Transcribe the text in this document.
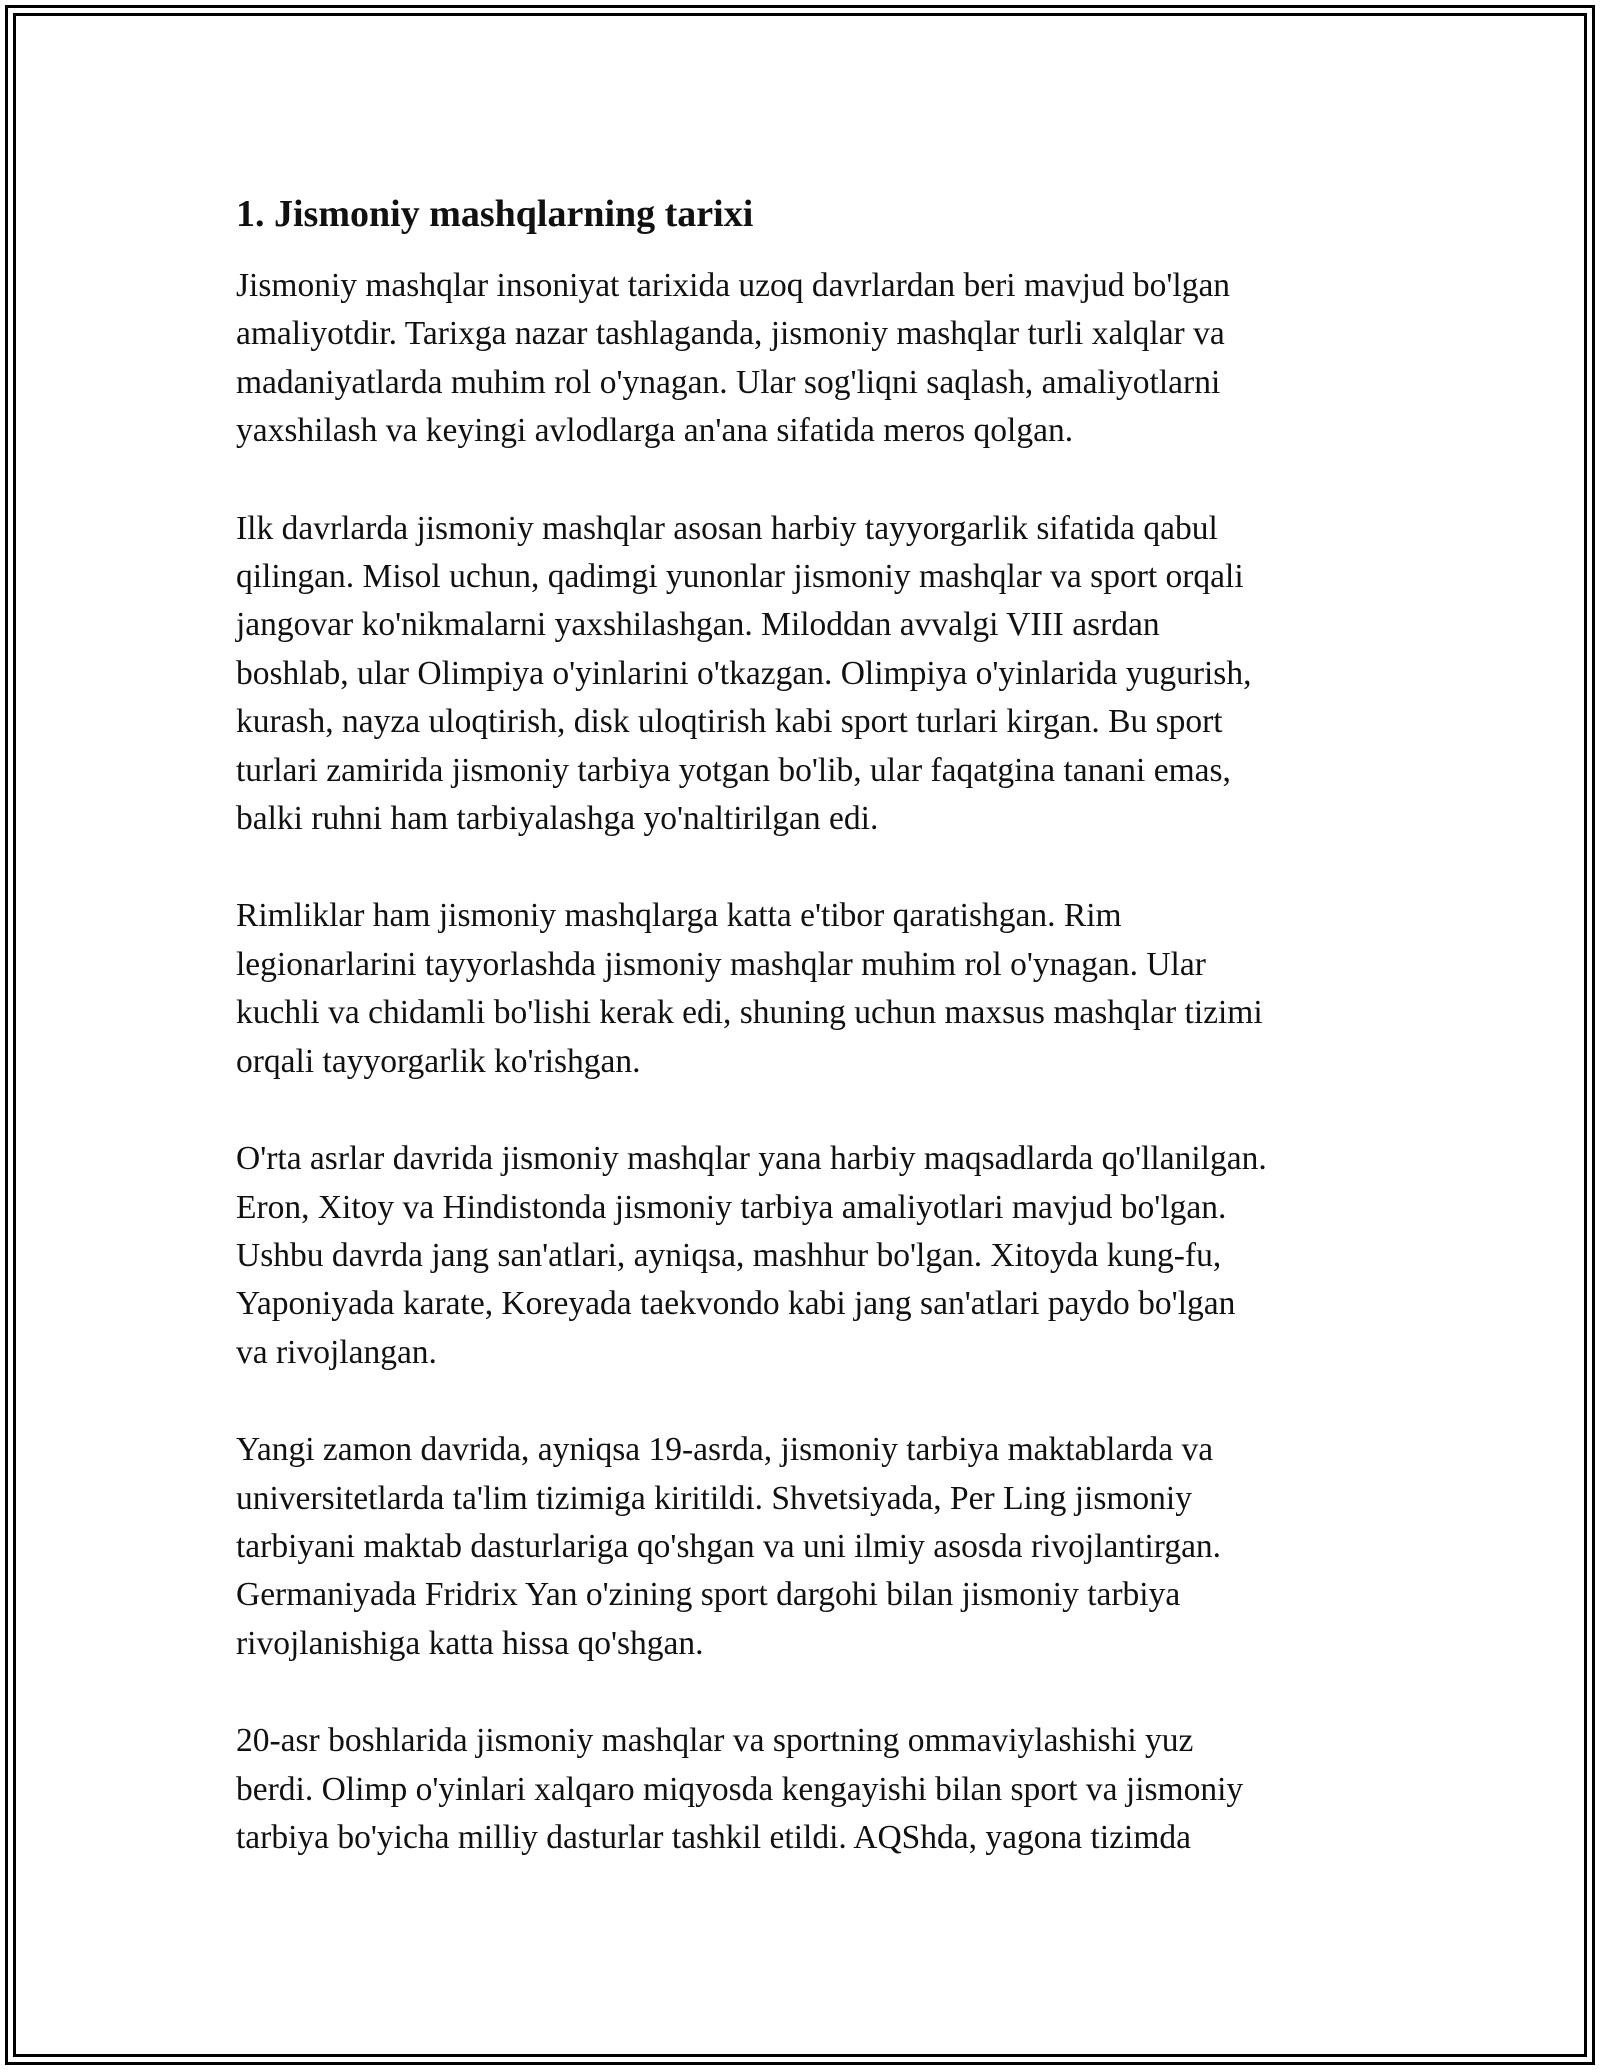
1. Jismoniy mashqlarning tarixi

Jismoniy mashqlar insoniyat tarixida uzoq davrlardan beri mavjud bo'lgan
amaliyotdir. Tarixga nazar tashlaganda, jismoniy mashqlar turli xalqlar va
madaniyatlarda muhim rol o'ynagan. Ular sog'liqni saqlash, amaliyotlarni
yaxshilash va keyingi avlodlarga an'ana sifatida meros qolgan.

Ilk davrlarda jismoniy mashqlar asosan harbiy tayyorgarlik sifatida qabul
qilingan. Misol uchun, qadimgi yunonlar jismoniy mashqlar va sport orqali
jangovar ko'nikmalarni yaxshilashgan. Miloddan avvalgi VIII asrdan
boshlab, ular Olimpiya o'yinlarini o'tkazgan. Olimpiya o'yinlarida yugurish,
kurash, nayza uloqtirish, disk uloqtirish kabi sport turlari kirgan. Bu sport
turlari zamirida jismoniy tarbiya yotgan bo'lib, ular faqatgina tanani emas,
balki ruhni ham tarbiyalashga yo'naltirilgan edi.

Rimliklar ham jismoniy mashqlarga katta e'tibor qaratishgan. Rim
legionarlarini tayyorlashda jismoniy mashqlar muhim rol o'ynagan. Ular
kuchli va chidamli bo'lishi kerak edi, shuning uchun maxsus mashqlar tizimi
orqali tayyorgarlik ko'rishgan.

O'rta asrlar davrida jismoniy mashqlar yana harbiy maqsadlarda qo'llanilgan.
Eron, Xitoy va Hindistonda jismoniy tarbiya amaliyotlari mavjud bo'lgan.
Ushbu davrda jang san'atlari, ayniqsa, mashhur bo'lgan. Xitoyda kung-fu,
Yaponiyada karate, Koreyada taekvondo kabi jang san'atlari paydo bo'lgan
va rivojlangan.

Yangi zamon davrida, ayniqsa 19-asrda, jismoniy tarbiya maktablarda va
universitetlarda ta'lim tizimiga kiritildi. Shvetsiyada, Per Ling jismoniy
tarbiyani maktab dasturlariga qo'shgan va uni ilmiy asosda rivojlantirgan.
Germaniyada Fridrix Yan o'zining sport dargohi bilan jismoniy tarbiya
rivojlanishiga katta hissa qo'shgan.

20-asr boshlarida jismoniy mashqlar va sportning ommaviylashishi yuz
berdi. Olimp o'yinlari xalqaro miqyosda kengayishi bilan sport va jismoniy
tarbiya bo'yicha milliy dasturlar tashkil etildi. AQShda, yagona tizimda
